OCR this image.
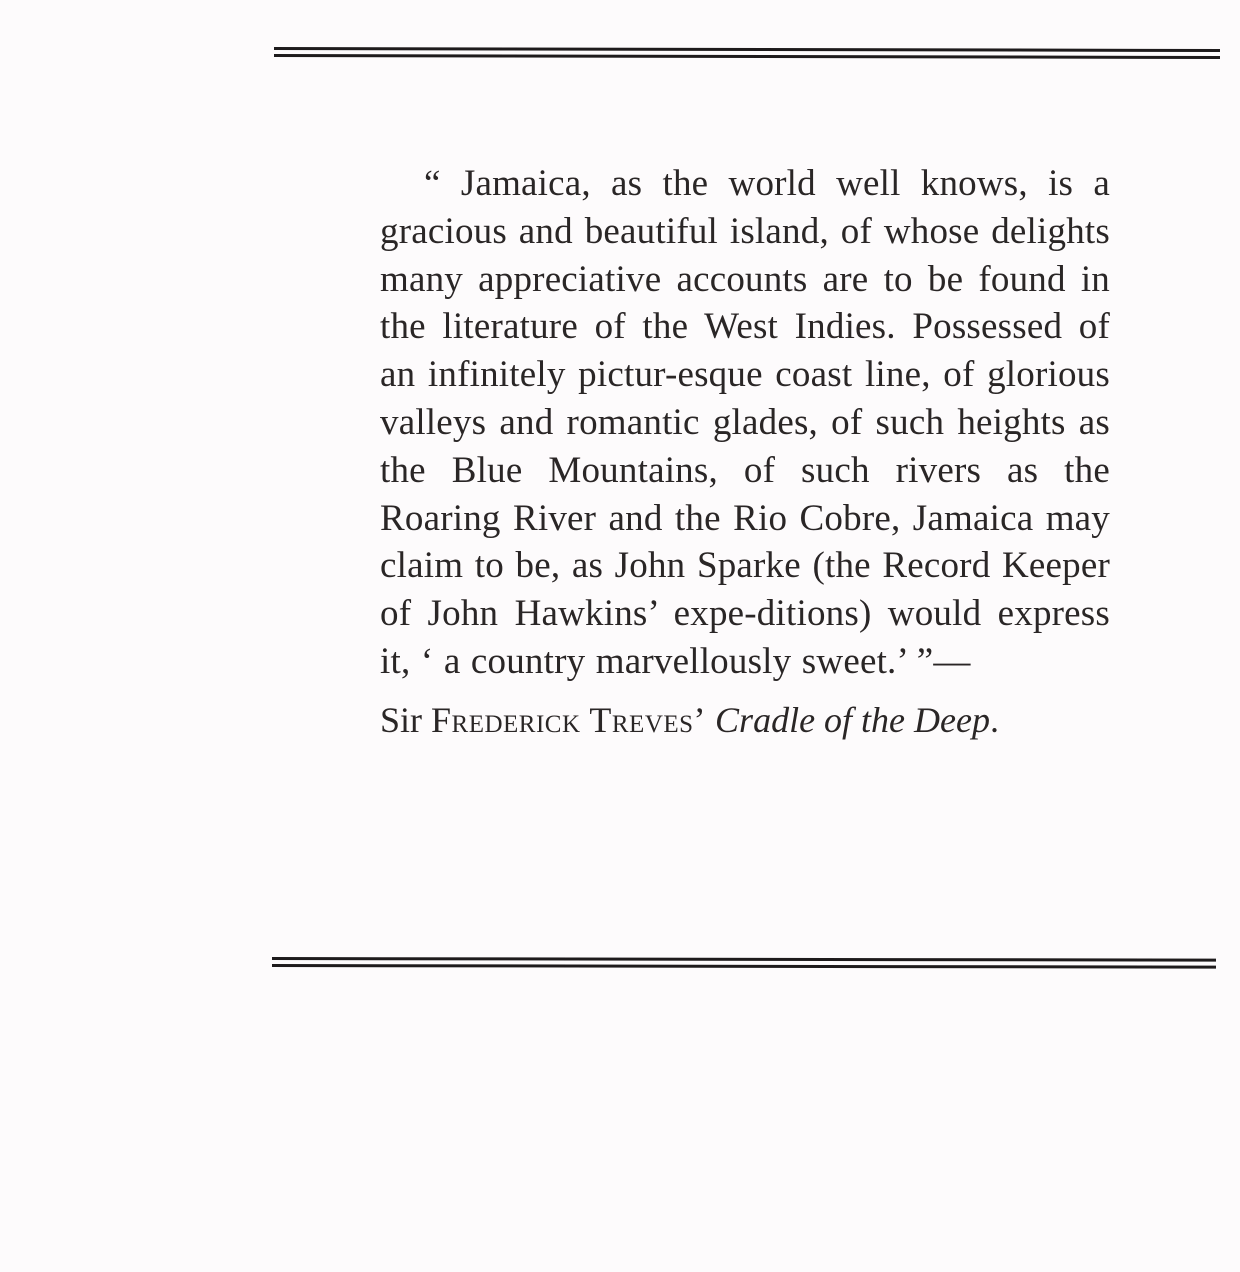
“ Jamaica, as the world well knows, is a gracious and beautiful island, of whose delights many appreciative accounts are to be found in the literature of the West Indies. Possessed of an infinitely pictur-esque coast line, of glorious valleys and romantic glades, of such heights as the Blue Mountains, of such rivers as the Roaring River and the Rio Cobre, Jamaica may claim to be, as John Sparke (the Record Keeper of John Hawkins’ expe-ditions) would express it, ‘ a country marvellously sweet.’ ”—

Sir Frederick Treves’ Cradle of the Deep.
